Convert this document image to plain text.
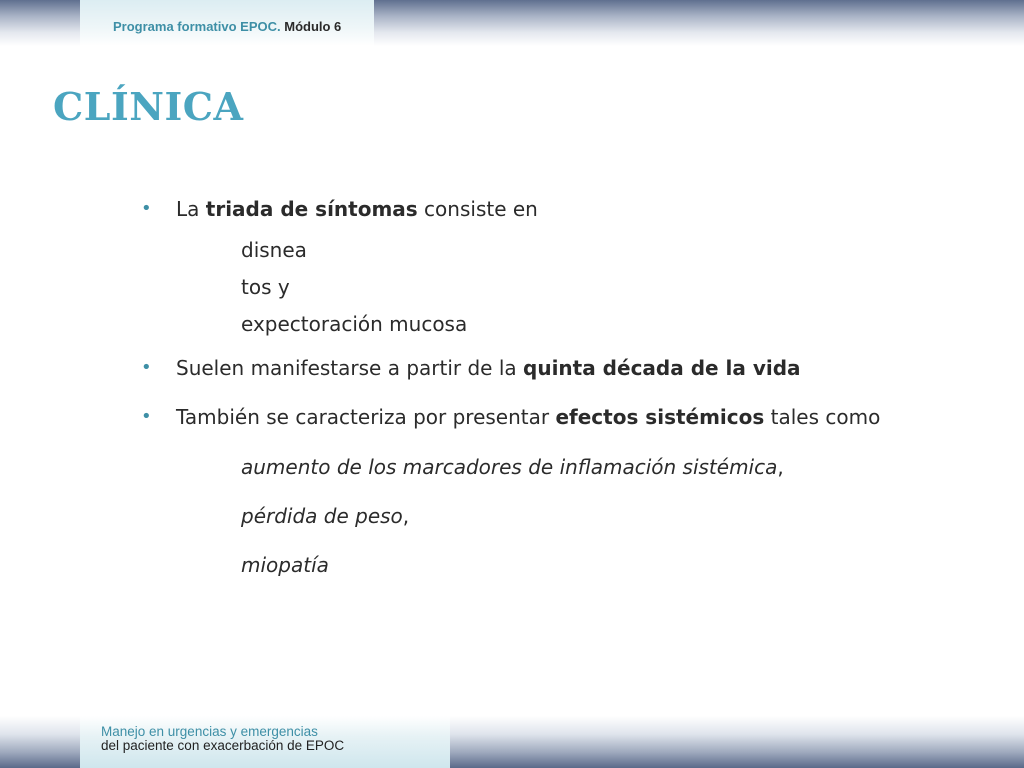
Programa formativo EPOC. Módulo 6
CLÍNICA
• La triada de síntomas consiste en
disnea
tos y
expectoración mucosa
• Suelen manifestarse a partir de la quinta década de la vida
• También se caracteriza por presentar efectos sistémicos tales como
aumento de los marcadores de inflamación sistémica,
pérdida de peso,
miopatía
Manejo en urgencias y emergencias
del paciente con exacerbación de EPOC
